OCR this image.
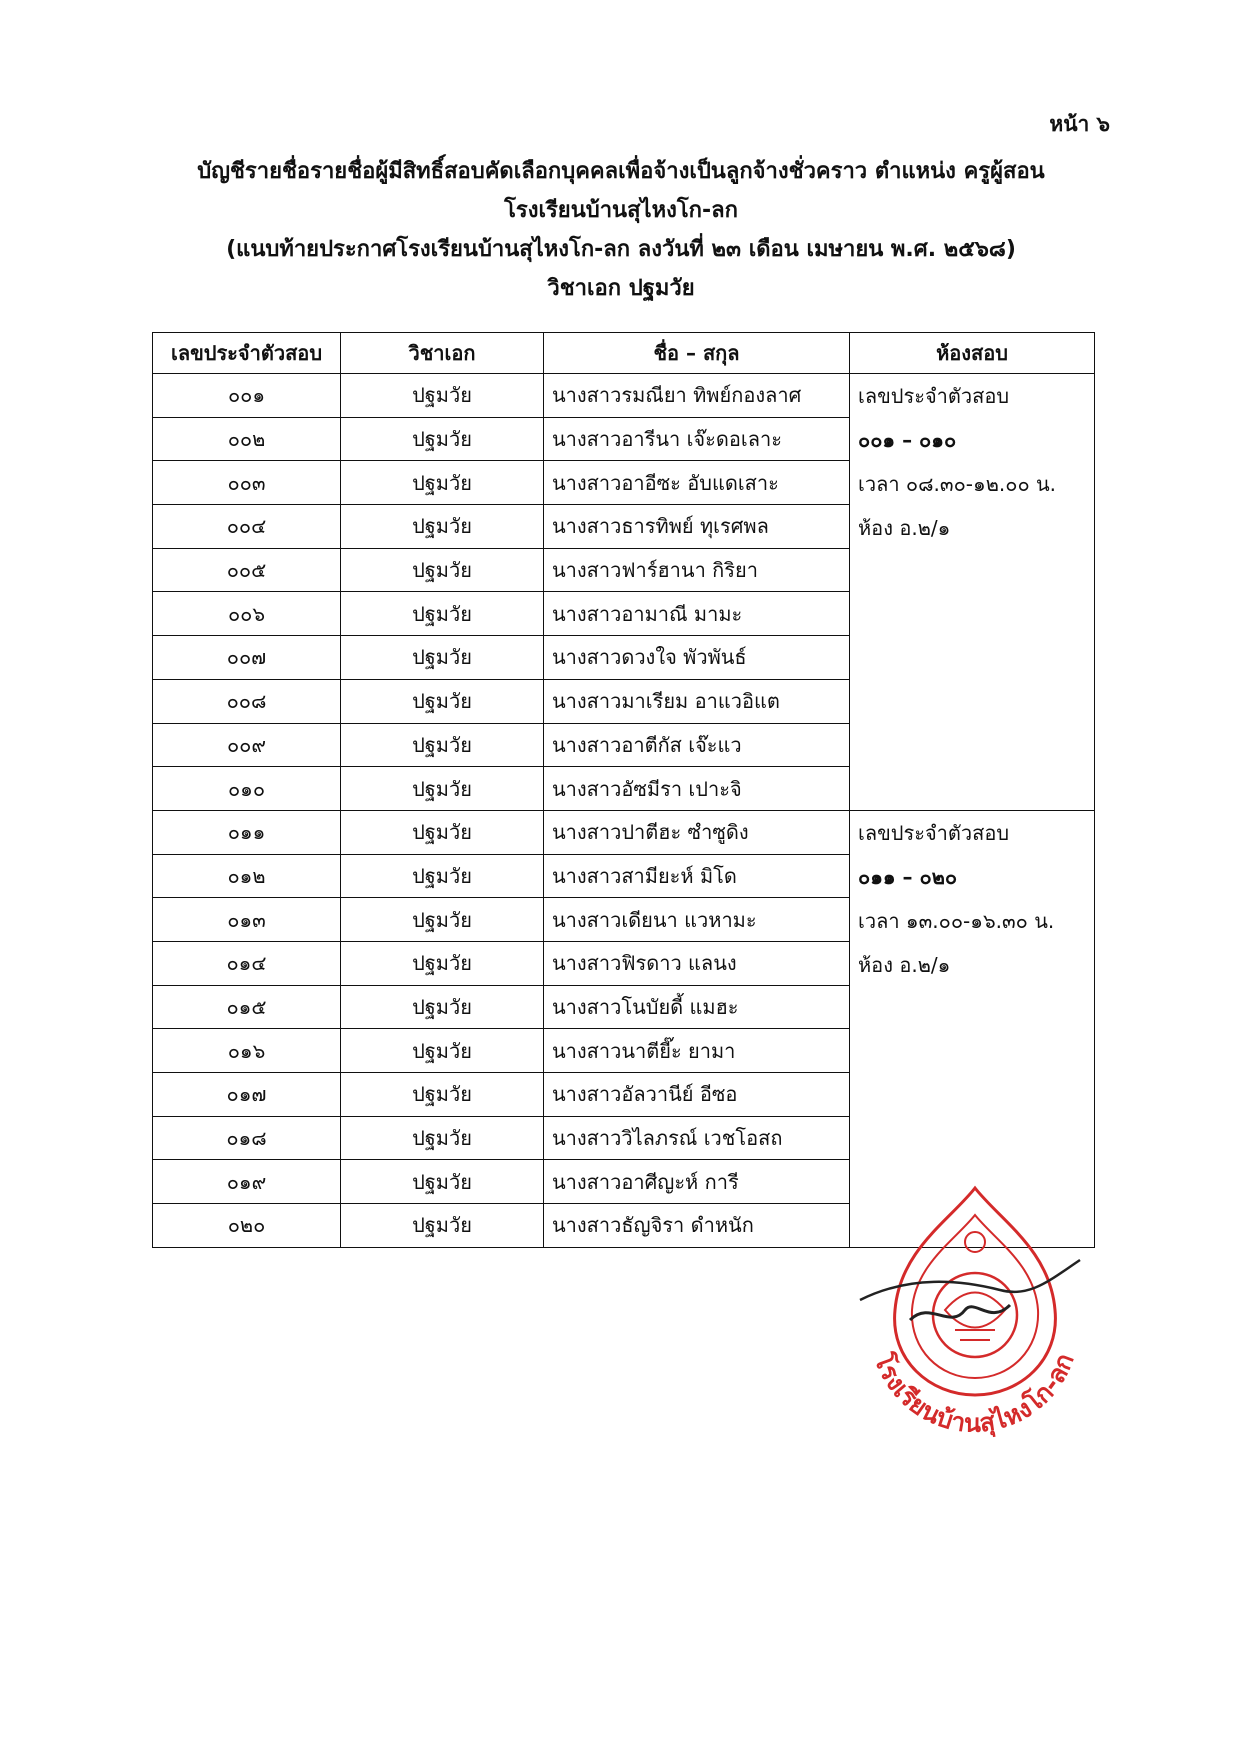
หน้า ๖
บัญชีรายชื่อรายชื่อผู้มีสิทธิ์สอบคัดเลือกบุคคลเพื่อจ้างเป็นลูกจ้างชั่วคราว ตำแหน่ง ครูผู้สอน
โรงเรียนบ้านสุไหงโก-ลก
(แนบท้ายประกาศโรงเรียนบ้านสุไหงโก-ลก ลงวันที่ ๒๓ เดือน เมษายน พ.ศ. ๒๕๖๘)
วิชาเอก ปฐมวัย
เลขประจำตัวสอบ	วิชาเอก	ชื่อ – สกุล	ห้องสอบ
๐๐๑	ปฐมวัย	นางสาวรมณียา ทิพย์กองลาศ	เลขประจำตัวสอบ
๐๐๑ – ๐๑๐
เวลา ๐๘.๓๐-๑๒.๐๐ น.
ห้อง อ.๒/๑

๐๐๒	ปฐมวัย	นางสาวอารีนา เจ๊ะดอเลาะ	
๐๐๓	ปฐมวัย	นางสาวอาอีซะ อับแดเสาะ	
๐๐๔	ปฐมวัย	นางสาวธารทิพย์ ทุเรศพล	
๐๐๕	ปฐมวัย	นางสาวฟาร์ฮานา กิริยา	
๐๐๖	ปฐมวัย	นางสาวอามาณี มามะ	
๐๐๗	ปฐมวัย	นางสาวดวงใจ พัวพันธ์	
๐๐๘	ปฐมวัย	นางสาวมาเรียม อาแวอิแต	
๐๐๙	ปฐมวัย	นางสาวอาตีกัส เจ๊ะแว	
๐๑๐	ปฐมวัย	นางสาวอัซมีรา เปาะจิ	
๐๑๑	ปฐมวัย	นางสาวปาตีฮะ ซำซูดิง	เลขประจำตัวสอบ
๐๑๑ – ๐๒๐
เวลา ๑๓.๐๐-๑๖.๓๐ น.
ห้อง อ.๒/๑

๐๑๒	ปฐมวัย	นางสาวสามียะห์ มิโด	
๐๑๓	ปฐมวัย	นางสาวเดียนา แวหามะ	
๐๑๔	ปฐมวัย	นางสาวฟิรดาว แลนง	
๐๑๕	ปฐมวัย	นางสาวโนบัยดี้ แมฮะ	
๐๑๖	ปฐมวัย	นางสาวนาตียี๊ะ ยามา	
๐๑๗	ปฐมวัย	นางสาวอัลวานีย์ อีซอ	
๐๑๘	ปฐมวัย	นางสาววิไลภรณ์ เวชโอสถ	
๐๑๙	ปฐมวัย	นางสาวอาศีญะห์ การี	
๐๒๐	ปฐมวัย	นางสาวธัญจิรา ดำหนัก	
โรงเรียนบ้านสุไหงโก-ลก
